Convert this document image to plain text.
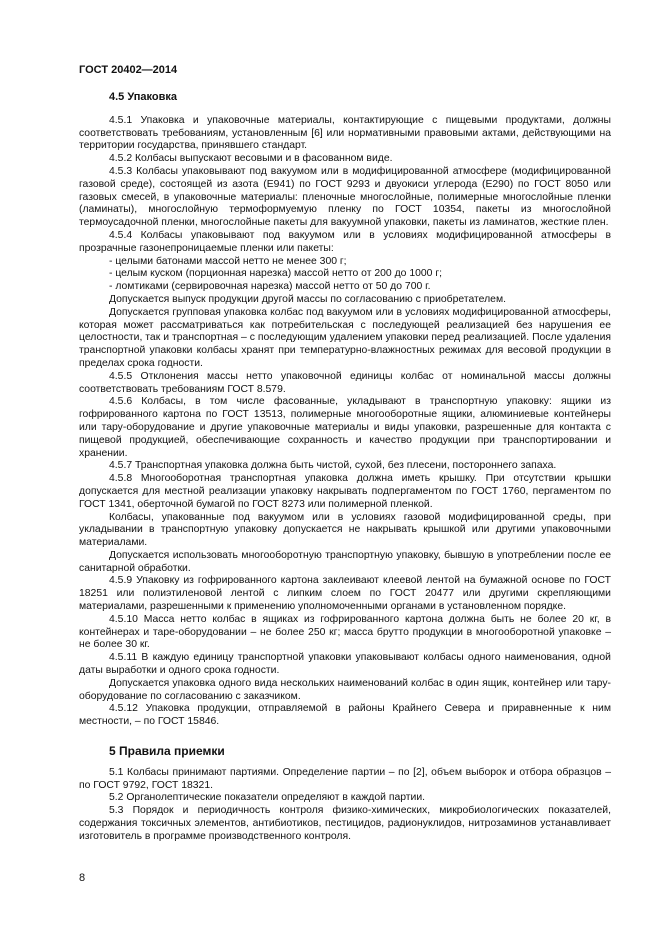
ГОСТ 20402—2014
4.5 Упаковка

4.5.1 Упаковка и упаковочные материалы, контактирующие с пищевыми продуктами, должны соответствовать требованиям, установленным [6] или нормативными правовыми актами, действующими на территории государства, принявшего стандарт.

4.5.2 Колбасы выпускают весовыми и в фасованном виде.

4.5.3 Колбасы упаковывают под вакуумом или в модифицированной атмосфере (модифицированной газовой среде), состоящей из азота (E941) по ГОСТ 9293 и двуокиси углерода (E290) по ГОСТ 8050 или газовых смесей, в упаковочные материалы: пленочные многослойные, полимерные многослойные пленки (ламинаты), многослойную термоформуемую пленку по ГОСТ 10354, пакеты из многослойной термоусадочной пленки, многослойные пакеты для вакуумной упаковки, пакеты из ламинатов, жесткие плен.

4.5.4 Колбасы упаковывают под вакуумом или в условиях модифицированной атмосферы в прозрачные газонепроницаемые пленки или пакеты:

- целыми батонами массой нетто не менее 300 г;

- целым куском (порционная нарезка) массой нетто от 200 до 1000 г;

- ломтиками (сервировочная нарезка) массой нетто от 50 до 700 г.

Допускается выпуск продукции другой массы по согласованию с приобретателем.

Допускается групповая упаковка колбас под вакуумом или в условиях модифицированной атмосферы, которая может рассматриваться как потребительская с последующей реализацией без нарушения ее целостности, так и транспортная – с последующим удалением упаковки перед реализацией. После удаления транспортной упаковки колбасы хранят при температурно-влажностных режимах для весовой продукции в пределах срока годности.

4.5.5 Отклонения массы нетто упаковочной единицы колбас от номинальной массы должны соответствовать требованиям ГОСТ 8.579.

4.5.6 Колбасы, в том числе фасованные, укладывают в транспортную упаковку: ящики из гофрированного картона по ГОСТ 13513, полимерные многооборотные ящики, алюминиевые контейнеры или тару-оборудование и другие упаковочные материалы и виды упаковки, разрешенные для контакта с пищевой продукцией, обеспечивающие сохранность и качество продукции при транспортировании и хранении.

4.5.7 Транспортная упаковка должна быть чистой, сухой, без плесени, постороннего запаха.

4.5.8 Многооборотная транспортная упаковка должна иметь крышку. При отсутствии крышки допускается для местной реализации упаковку накрывать подпергаментом по ГОСТ 1760, пергаментом по ГОСТ 1341, оберточной бумагой по ГОСТ 8273 или полимерной пленкой.

Колбасы, упакованные под вакуумом или в условиях газовой модифицированной среды, при укладывании в транспортную упаковку допускается не накрывать крышкой или другими упаковочными материалами.

Допускается использовать многооборотную транспортную упаковку, бывшую в употреблении после ее санитарной обработки.

4.5.9 Упаковку из гофрированного картона заклеивают клеевой лентой на бумажной основе по ГОСТ 18251 или полиэтиленовой лентой с липким слоем по ГОСТ 20477 или другими скрепляющими материалами, разрешенными к применению уполномоченными органами в установленном порядке.

4.5.10 Масса нетто колбас в ящиках из гофрированного картона должна быть не более 20 кг, в контейнерах и таре-оборудовании – не более 250 кг; масса брутто продукции в многооборотной упаковке – не более 30 кг.

4.5.11 В каждую единицу транспортной упаковки упаковывают колбасы одного наименования, одной даты выработки и одного срока годности.

Допускается упаковка одного вида нескольких наименований колбас в один ящик, контейнер или тару-оборудование по согласованию с заказчиком.

4.5.12 Упаковка продукции, отправляемой в районы Крайнего Севера и приравненные к ним местности, – по ГОСТ 15846.

5 Правила приемки

5.1 Колбасы принимают партиями. Определение партии – по [2], объем выборок и отбора образцов – по ГОСТ 9792, ГОСТ 18321.

5.2 Органолептические показатели определяют в каждой партии.

5.3 Порядок и периодичность контроля физико-химических, микробиологических показателей, содержания токсичных элементов, антибиотиков, пестицидов, радионуклидов, нитрозаминов устанавливает изготовитель в программе производственного контроля.

8
